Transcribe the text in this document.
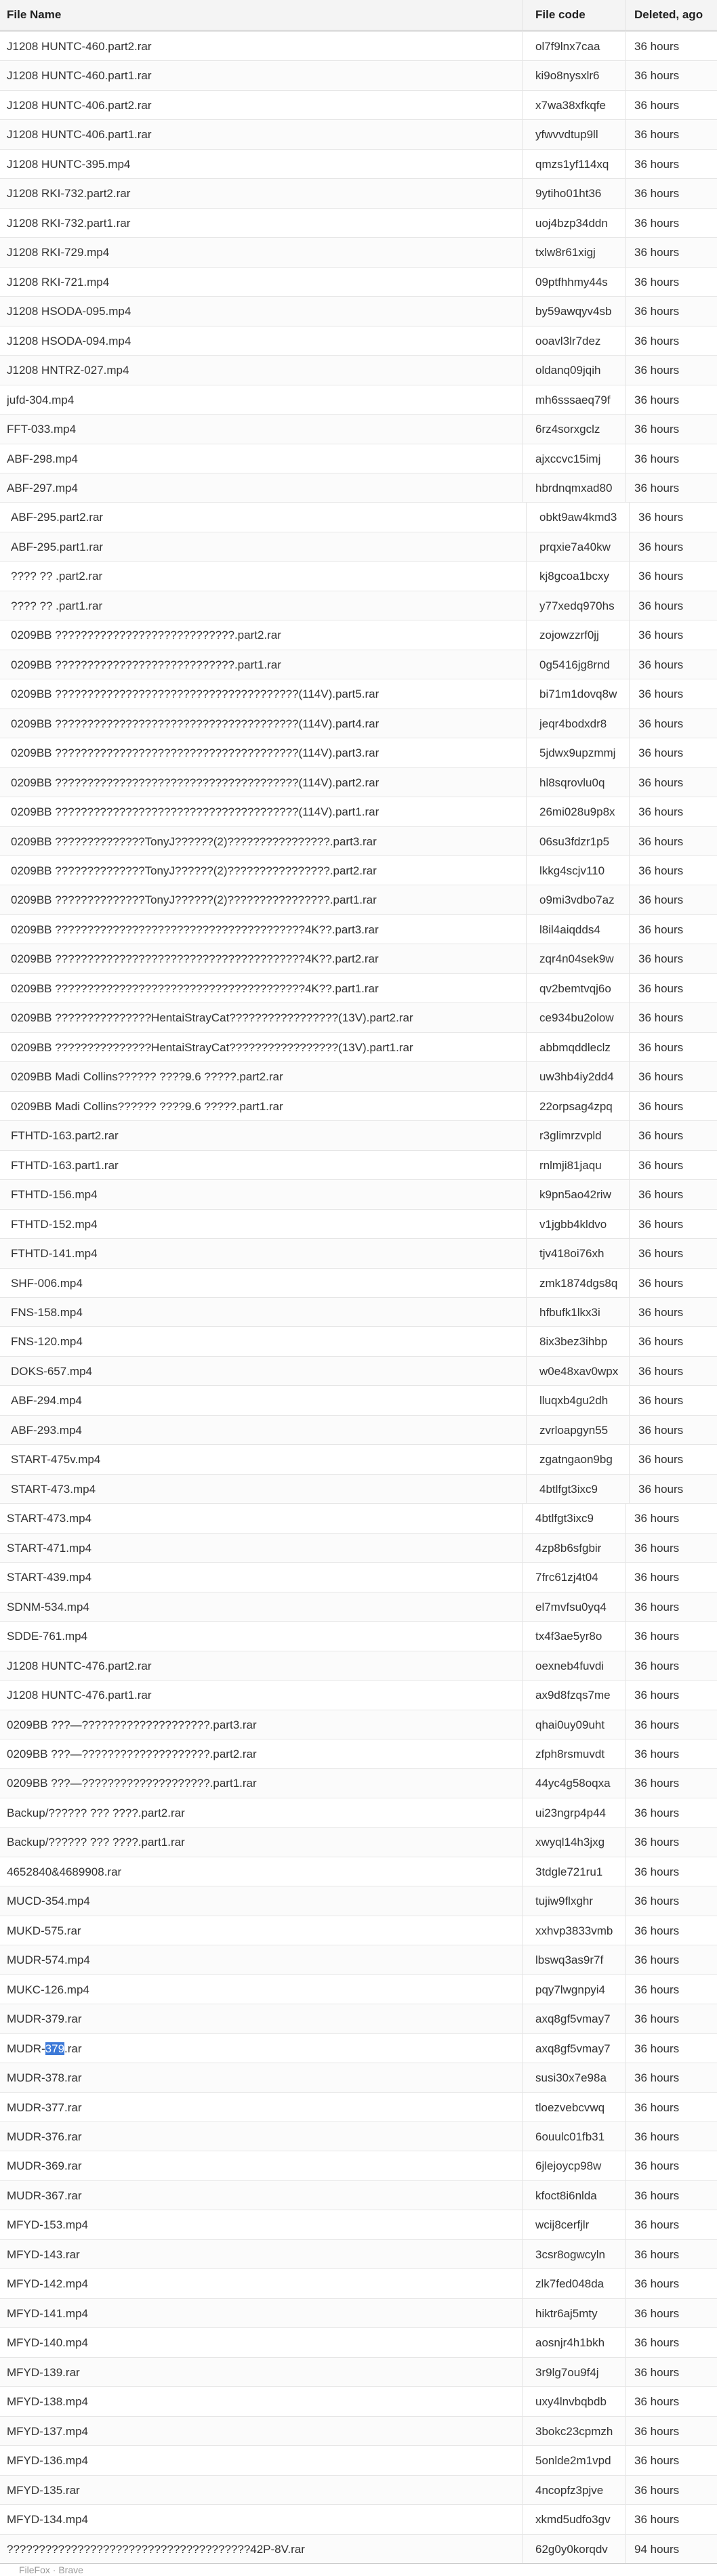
File Name	File code	Deleted, ago
J1208 HUNTC-460.part2.rar	ol7f9lnx7caa	36 hours
J1208 HUNTC-460.part1.rar	ki9o8nysxlr6	36 hours
J1208 HUNTC-406.part2.rar	x7wa38xfkqfe	36 hours
J1208 HUNTC-406.part1.rar	yfwvvdtup9ll	36 hours
J1208 HUNTC-395.mp4	qmzs1yf114xq	36 hours
J1208 RKI-732.part2.rar	9ytiho01ht36	36 hours
J1208 RKI-732.part1.rar	uoj4bzp34ddn	36 hours
J1208 RKI-729.mp4	txlw8r61xigj	36 hours
J1208 RKI-721.mp4	09ptfhhmy44s	36 hours
J1208 HSODA-095.mp4	by59awqyv4sb	36 hours
J1208 HSODA-094.mp4	ooavl3lr7dez	36 hours
J1208 HNTRZ-027.mp4	oldanq09jqih	36 hours
jufd-304.mp4	mh6sssaeq79f	36 hours
FFT-033.mp4	6rz4sorxgclz	36 hours
ABF-298.mp4	ajxccvc15imj	36 hours
ABF-297.mp4	hbrdnqmxad80	36 hours
ABF-295.part2.rar	obkt9aw4kmd3	36 hours
ABF-295.part1.rar	prqxie7a40kw	36 hours
???? ?? .part2.rar	kj8gcoa1bcxy	36 hours
???? ?? .part1.rar	y77xedq970hs	36 hours
0209BB ????????????????????????????.part2.rar	zojowzzrf0jj	36 hours
0209BB ????????????????????????????.part1.rar	0g5416jg8rnd	36 hours
0209BB ??????????????????????????????????????(114V).part5.rar	bi71m1dovq8w	36 hours
0209BB ??????????????????????????????????????(114V).part4.rar	jeqr4bodxdr8	36 hours
0209BB ??????????????????????????????????????(114V).part3.rar	5jdwx9upzmmj	36 hours
0209BB ??????????????????????????????????????(114V).part2.rar	hl8sqrovlu0q	36 hours
0209BB ??????????????????????????????????????(114V).part1.rar	26mi028u9p8x	36 hours
0209BB ??????????????TonyJ??????(2)????????????????.part3.rar	06su3fdzr1p5	36 hours
0209BB ??????????????TonyJ??????(2)????????????????.part2.rar	lkkg4scjv110	36 hours
0209BB ??????????????TonyJ??????(2)????????????????.part1.rar	o9mi3vdbo7az	36 hours
0209BB ???????????????????????????????????????4K??.part3.rar	l8il4aiqdds4	36 hours
0209BB ???????????????????????????????????????4K??.part2.rar	zqr4n04sek9w	36 hours
0209BB ???????????????????????????????????????4K??.part1.rar	qv2bemtvqj6o	36 hours
0209BB ???????????????HentaiStrayCat?????????????????(13V).part2.rar	ce934bu2olow	36 hours
0209BB ???????????????HentaiStrayCat?????????????????(13V).part1.rar	abbmqddleclz	36 hours
0209BB Madi Collins?????? ????9.6 ?????.part2.rar	uw3hb4iy2dd4	36 hours
0209BB Madi Collins?????? ????9.6 ?????.part1.rar	22orpsag4zpq	36 hours
FTHTD-163.part2.rar	r3glimrzvpld	36 hours
FTHTD-163.part1.rar	rnlmji81jaqu	36 hours
FTHTD-156.mp4	k9pn5ao42riw	36 hours
FTHTD-152.mp4	v1jgbb4kldvo	36 hours
FTHTD-141.mp4	tjv418oi76xh	36 hours
SHF-006.mp4	zmk1874dgs8q	36 hours
FNS-158.mp4	hfbufk1lkx3i	36 hours
FNS-120.mp4	8ix3bez3ihbp	36 hours
DOKS-657.mp4	w0e48xav0wpx	36 hours
ABF-294.mp4	lluqxb4gu2dh	36 hours
ABF-293.mp4	zvrloapgyn55	36 hours
START-475v.mp4	zgatngaon9bg	36 hours
START-473.mp4	4btlfgt3ixc9	36 hours
START-473.mp4	4btlfgt3ixc9	36 hours
START-471.mp4	4zp8b6sfgbir	36 hours
START-439.mp4	7frc61zj4t04	36 hours
SDNM-534.mp4	el7mvfsu0yq4	36 hours
SDDE-761.mp4	tx4f3ae5yr8o	36 hours
J1208 HUNTC-476.part2.rar	oexneb4fuvdi	36 hours
J1208 HUNTC-476.part1.rar	ax9d8fzqs7me	36 hours
0209BB ???—????????????????????.part3.rar	qhai0uy09uht	36 hours
0209BB ???—????????????????????.part2.rar	zfph8rsmuvdt	36 hours
0209BB ???—????????????????????.part1.rar	44yc4g58oqxa	36 hours
Backup/?????? ??? ????.part2.rar	ui23ngrp4p44	36 hours
Backup/?????? ??? ????.part1.rar	xwyql14h3jxg	36 hours
4652840&4689908.rar	3tdgle721ru1	36 hours
MUCD-354.mp4	tujiw9flxghr	36 hours
MUKD-575.rar	xxhvp3833vmb	36 hours
MUDR-574.mp4	lbswq3as9r7f	36 hours
MUKC-126.mp4	pqy7lwgnpyi4	36 hours
MUDR-379.rar	axq8gf5vmay7	36 hours
MUDR-379.rar	axq8gf5vmay7	36 hours
MUDR-378.rar	susi30x7e98a	36 hours
MUDR-377.rar	tloezvebcvwq	36 hours
MUDR-376.rar	6ouulc01fb31	36 hours
MUDR-369.rar	6jlejoycp98w	36 hours
MUDR-367.rar	kfoct8i6nlda	36 hours
MFYD-153.mp4	wcij8cerfjlr	36 hours
MFYD-143.rar	3csr8ogwcyln	36 hours
MFYD-142.mp4	zlk7fed048da	36 hours
MFYD-141.mp4	hiktr6aj5mty	36 hours
MFYD-140.mp4	aosnjr4h1bkh	36 hours
MFYD-139.rar	3r9lg7ou9f4j	36 hours
MFYD-138.mp4	uxy4lnvbqbdb	36 hours
MFYD-137.mp4	3bokc23cpmzh	36 hours
MFYD-136.mp4	5onlde2m1vpd	36 hours
MFYD-135.rar	4ncopfz3pjve	36 hours
MFYD-134.mp4	xkmd5udfo3gv	36 hours
??????????????????????????????????????42P-8V.rar	62g0y0korqdv	94 hours
FileFox · Brave
